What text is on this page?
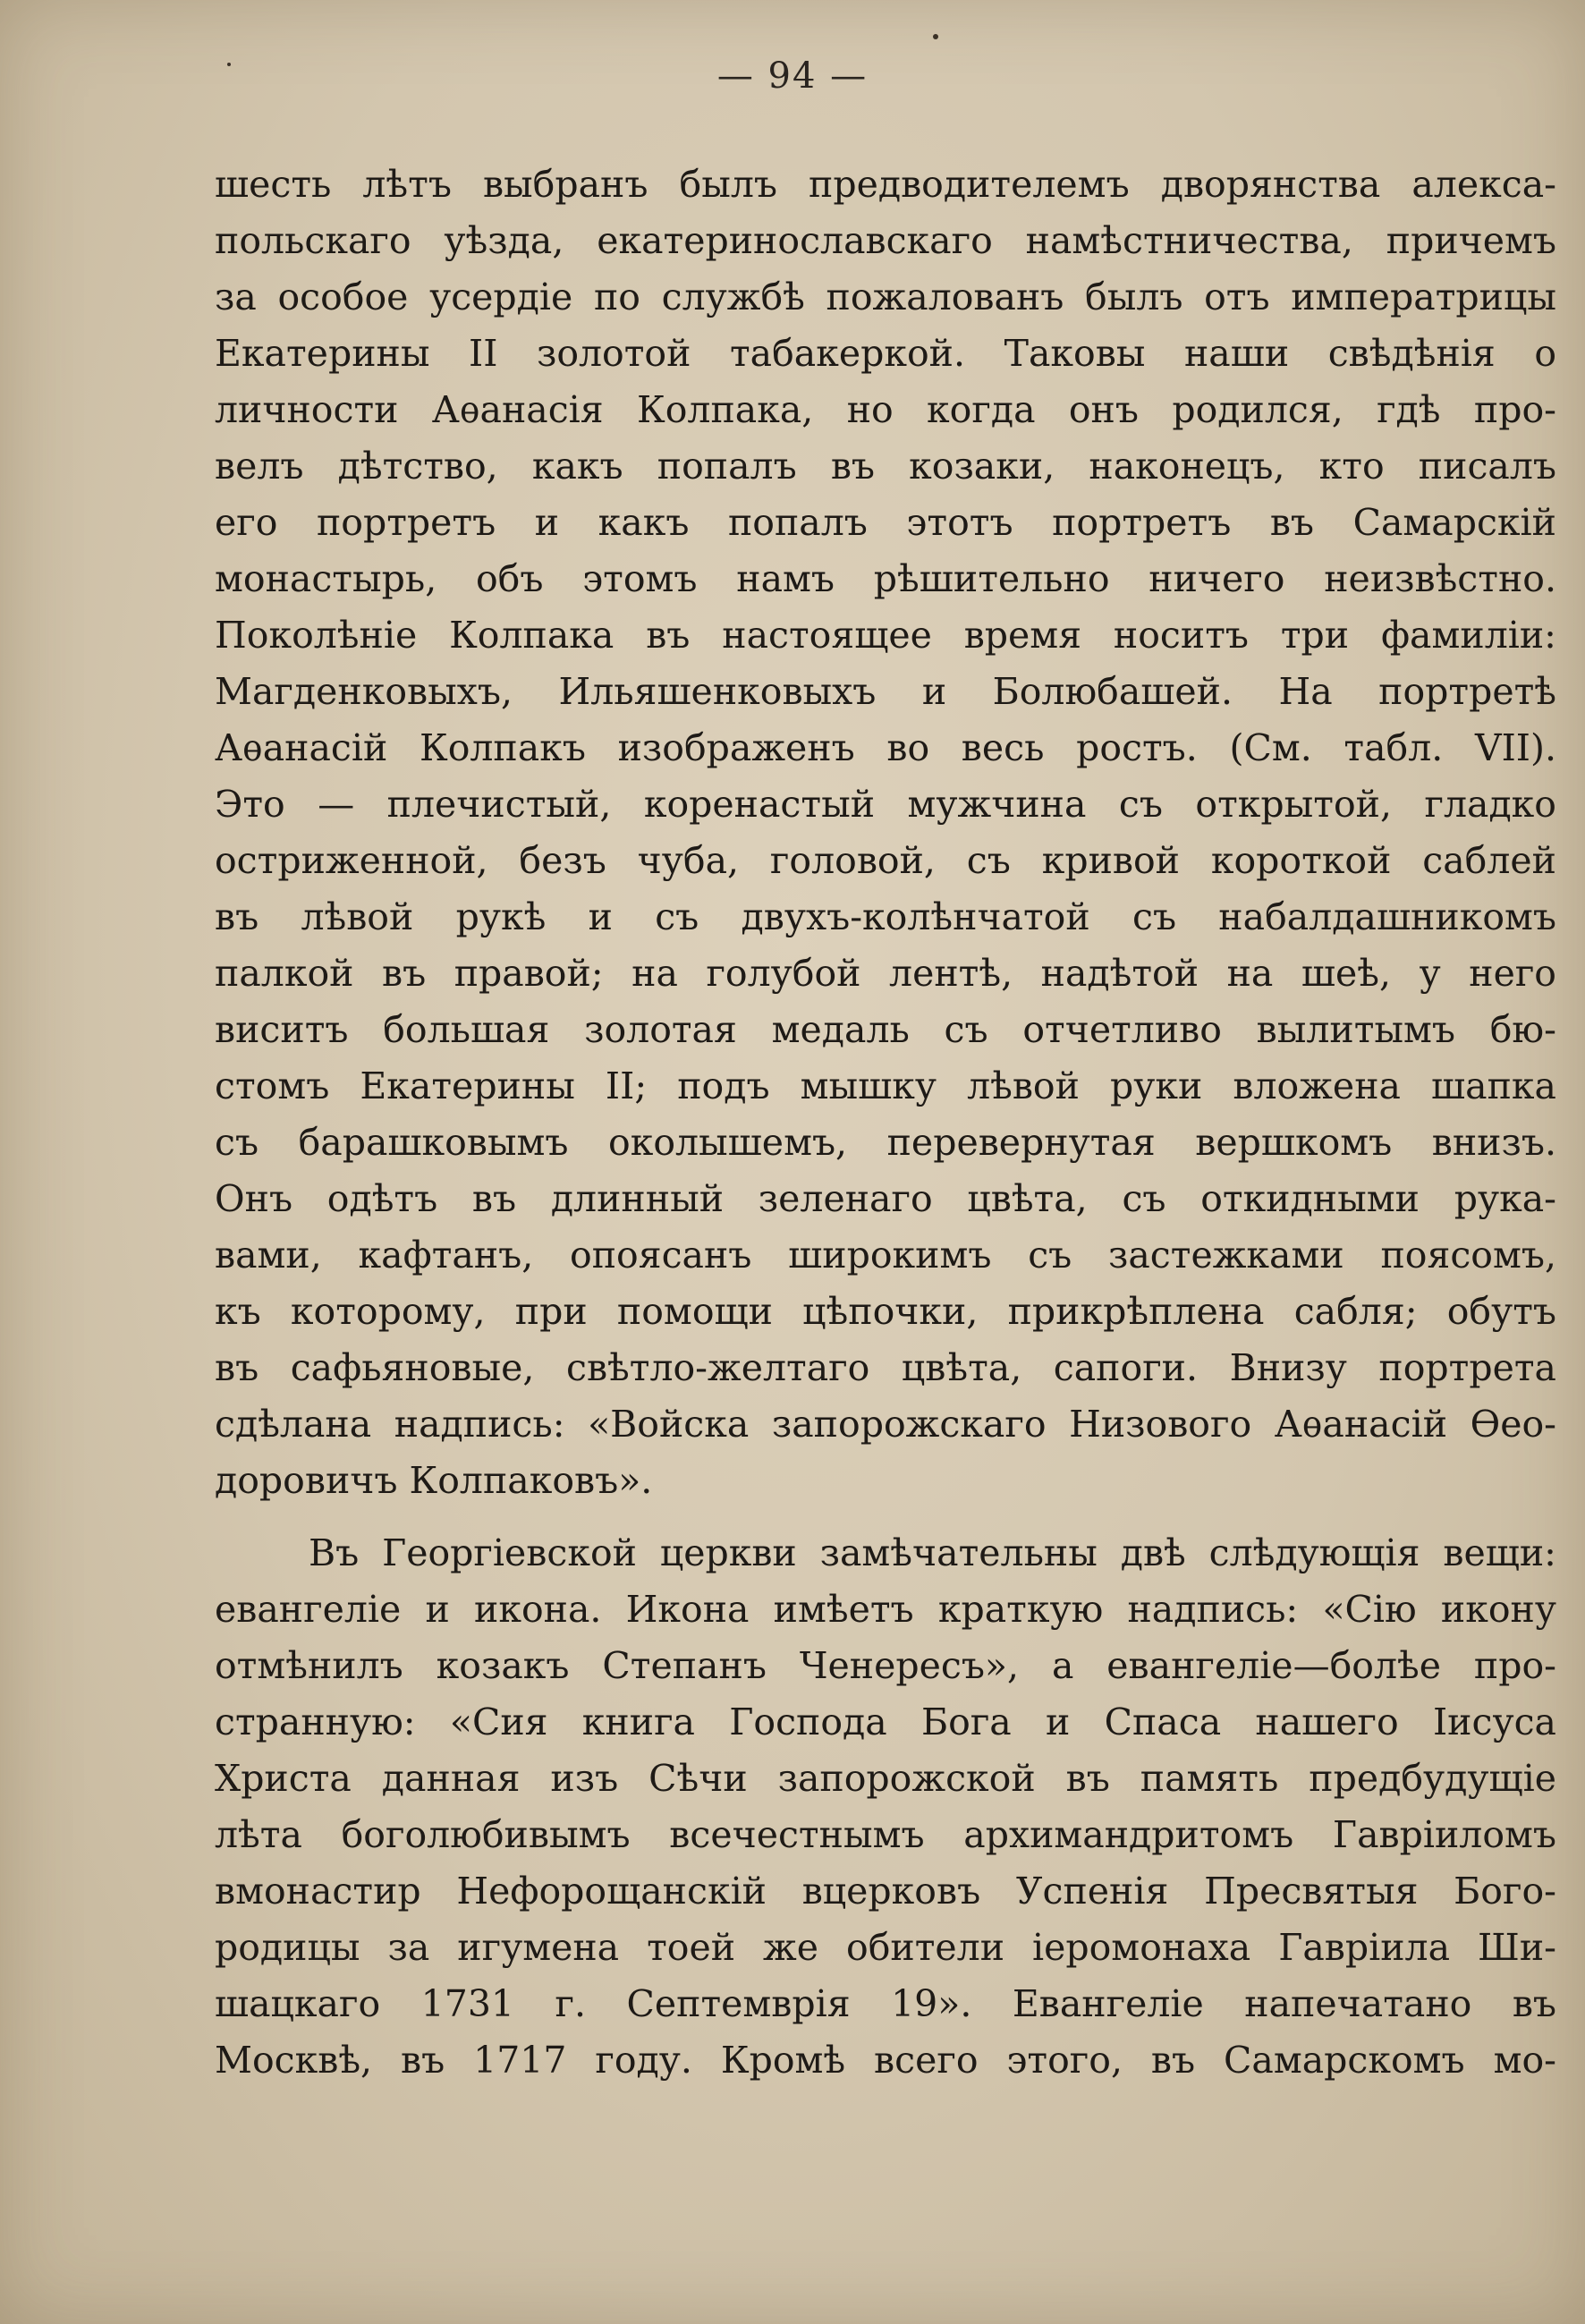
— 94 —
шесть лѣтъ выбранъ былъ предводителемъ дворянства алекса-
польскаго уѣзда, екатеринославскаго намѣстничества, причемъ
за особое усердіе по службѣ пожалованъ былъ отъ императрицы
Екатерины II золотой табакеркой. Таковы наши свѣдѣнія о
личности Аѳанасія Колпака, но когда онъ родился, гдѣ про-
велъ дѣтство, какъ попалъ въ козаки, наконецъ, кто писалъ
его портретъ и какъ попалъ этотъ портретъ въ Самарскій
монастырь, объ этомъ намъ рѣшительно ничего неизвѣстно.
Поколѣніе Колпака въ настоящее время носитъ три фамиліи:
Магденковыхъ, Ильяшенковыхъ и Болюбашей. На портретѣ
Аѳанасій Колпакъ изображенъ во весь ростъ. (См. табл. VII).
Это — плечистый, коренастый мужчина съ открытой, гладко
остриженной, безъ чуба, головой, съ кривой короткой саблей
въ лѣвой рукѣ и съ двухъ-колѣнчатой съ набалдашникомъ
палкой въ правой; на голубой лентѣ, надѣтой на шеѣ, у него
виситъ большая золотая медаль съ отчетливо вылитымъ бю-
стомъ Екатерины II; подъ мышку лѣвой руки вложена шапка
съ барашковымъ околышемъ, перевернутая вершкомъ внизъ.
Онъ одѣтъ въ длинный зеленаго цвѣта, съ откидными рука-
вами, кафтанъ, опоясанъ широкимъ съ застежками поясомъ,
къ которому, при помощи цѣпочки, прикрѣплена сабля; обутъ
въ сафьяновые, свѣтло-желтаго цвѣта, сапоги. Внизу портрета
сдѣлана надпись: «Войска запорожскаго Низового Аѳанасій Ѳео-
доровичъ Колпаковъ».
Въ Георгіевской церкви замѣчательны двѣ слѣдующія вещи:
евангеліе и икона. Икона имѣетъ краткую надпись: «Сію икону
отмѣнилъ козакъ Степанъ Ченересъ», а евангеліе—болѣе про-
странную: «Сия книга Господа Бога и Спаса нашего Іисуса
Христа данная изъ Сѣчи запорожской въ память предбудущіе
лѣта боголюбивымъ всечестнымъ архимандритомъ Гавріиломъ
вмонастир Нефорощанскій вцерковъ Успенія Пресвятыя Бого-
родицы за игумена тоей же обители іеромонаха Гавріила Ши-
шацкаго 1731 г. Септемврія 19». Евангеліе напечатано въ
Москвѣ, въ 1717 году. Кромѣ всего этого, въ Самарскомъ мо-
